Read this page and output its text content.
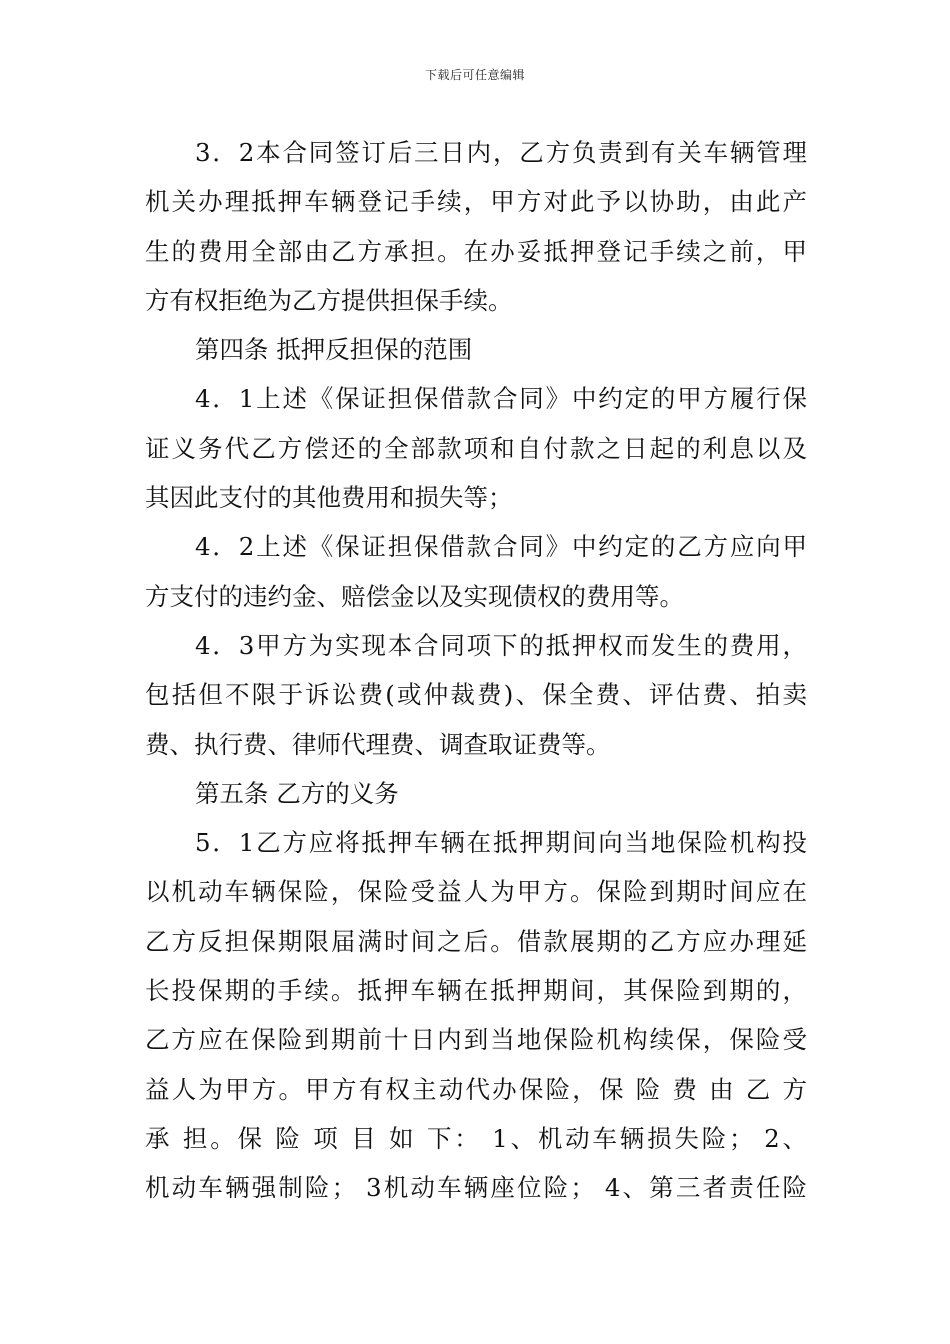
下载后可任意编辑
3．2本合同签订后三日内，乙方负责到有关车辆管理
机关办理抵押车辆登记手续，甲方对此予以协助，由此产
生的费用全部由乙方承担。在办妥抵押登记手续之前，甲
方有权拒绝为乙方提供担保手续。
第四条 抵押反担保的范围
4．1上述《保证担保借款合同》中约定的甲方履行保
证义务代乙方偿还的全部款项和自付款之日起的利息以及
其因此支付的其他费用和损失等；
4．2上述《保证担保借款合同》中约定的乙方应向甲
方支付的违约金、赔偿金以及实现债权的费用等。
4．3甲方为实现本合同项下的抵押权而发生的费用，
包括但不限于诉讼费(或仲裁费)、保全费、评估费、拍卖
费、执行费、律师代理费、调查取证费等。
第五条 乙方的义务
5．1乙方应将抵押车辆在抵押期间向当地保险机构投
以机动车辆保险，保险受益人为甲方。保险到期时间应在
乙方反担保期限届满时间之后。借款展期的乙方应办理延
长投保期的手续。抵押车辆在抵押期间，其保险到期的，
乙方应在保险到期前十日内到当地保险机构续保，保险受
益人为甲方。甲方有权主动代办保险，保 险 费 由 乙 方
承 担。保 险 项 目 如 下： 1、机动车辆损失险； 2、
机动车辆强制险； 3机动车辆座位险； 4、第三者责任险
